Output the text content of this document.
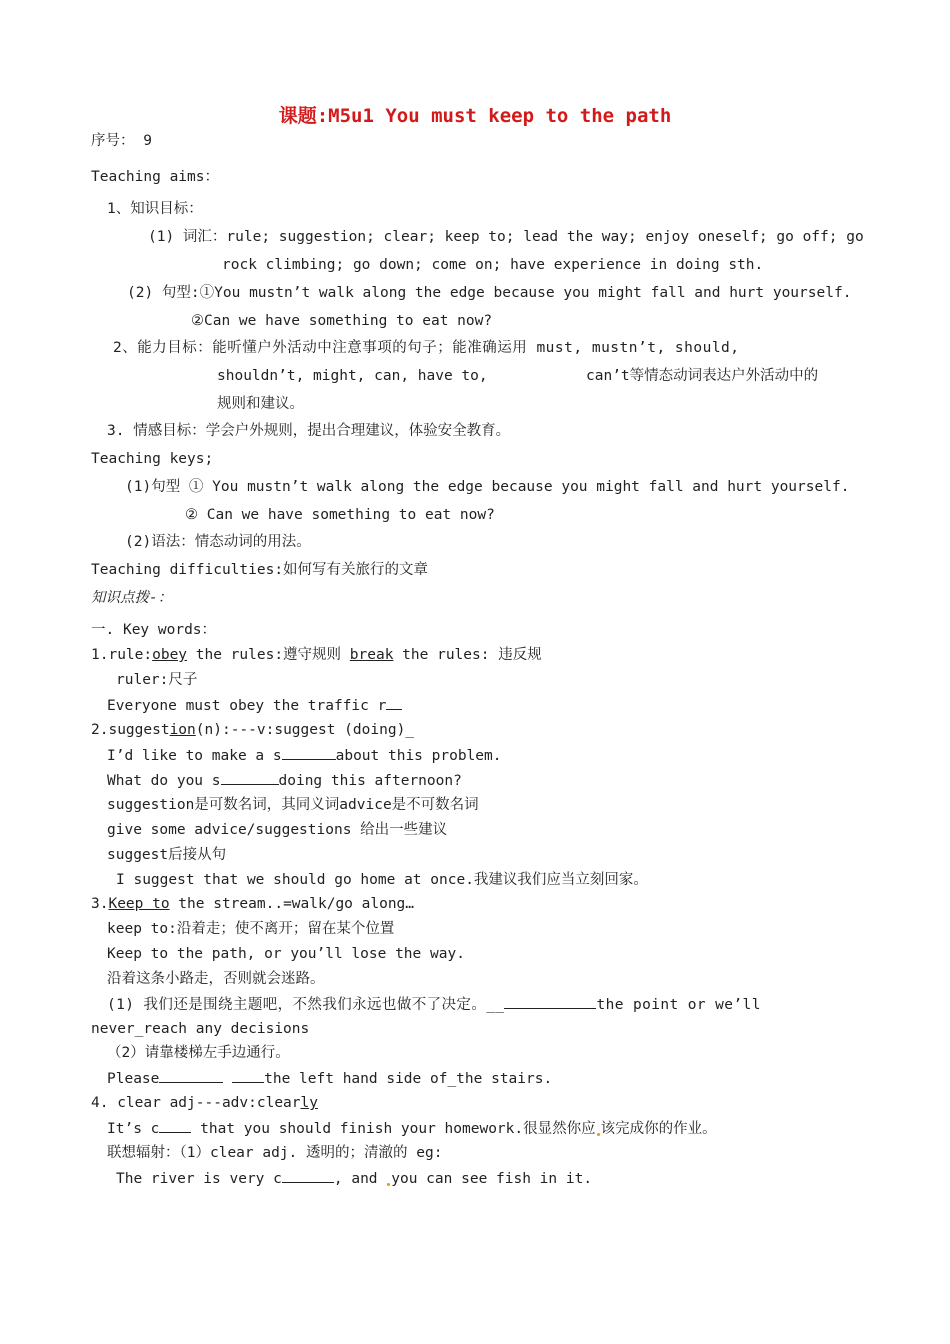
课题:M5u1 You must keep to the path
序号： 9
Teaching aims：
1、知识目标：
(1) 词汇：rule; suggestion; clear; keep to; lead the way; enjoy oneself; go off; go
rock climbing; go down; come on; have experience in doing sth.
(2) 句型:①You mustn’t walk along the edge because you might fall and hurt yourself.
②Can we have something to eat now?
2、能力目标：能听懂户外活动中注意事项的句子；能准确运用 must, mustn’t, should,
shouldn’t, might, can, have to,	can’t等情态动词表达户外活动中的
规则和建议。
3. 情感目标：学会户外规则，提出合理建议，体验安全教育。
Teaching keys;
(1)句型 ① You mustn’t walk along the edge because you might fall and hurt yourself.
② Can we have something to eat now?
(2)语法：情态动词的用法。
Teaching difficulties:如何写有关旅行的文章
知识点拨-：
一. Key words：
1.rule:obey the rules:遵守规则 break the rules: 违反规
ruler:尺子
Everyone must obey the traffic r
2.suggestion(n):---v:suggest (doing)_
I’d like to make a s	about this problem.
What do you s	doing this afternoon?
suggestion是可数名词，其同义词advice是不可数名词
give some advice/suggestions 给出一些建议
suggest后接从句
I suggest that we should go home at once.我建议我们应当立刻回家。
3.Keep to the stream..=walk/go along…
keep to:沿着走；使不离开；留在某个位置
Keep to the path, or you’ll lose the way.
沿着这条小路走，否则就会迷路。
(1) 我们还是围绕主题吧，不然我们永远也做不了决定。__	the point or we’ll
never_reach any decisions
（2）请靠楼梯左手边通行。
Please	the left hand side of_the stairs.
4. clear adj---adv:clearly
It’s c that you should finish your homework.很显然你应 该完成你的作业。
联想辐射：（1）clear adj. 透明的；清澈的 eg:
The river is very c	, and you can see fish in it.
